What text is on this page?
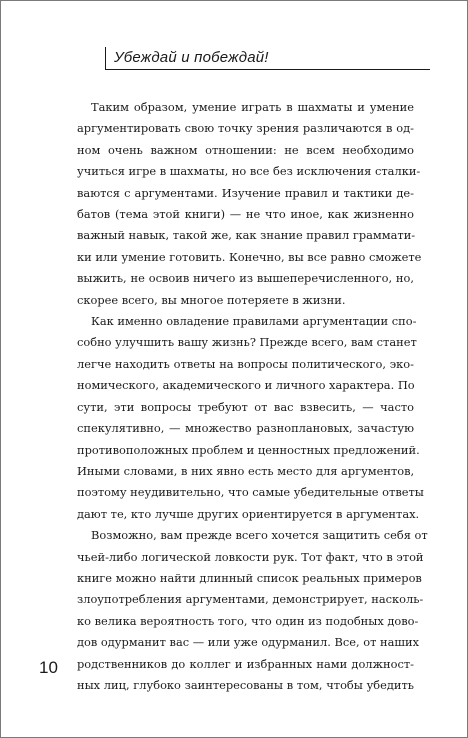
Убеждай и побеждай!

Таким образом, умение играть в шахматы и умение
аргументировать свою точку зрения различаются в од-
ном очень важном отношении: не всем необходимо
учиться игре в шахматы, но все без исключения сталки-
ваются с аргументами. Изучение правил и тактики де-
батов (тема этой книги) — не что иное, как жизненно
важный навык, такой же, как знание правил граммати-
ки или умение готовить. Конечно, вы все равно сможете
выжить, не освоив ничего из вышеперечисленного, но,
скорее всего, вы многое потеряете в жизни.

Как именно овладение правилами аргументации спо-
собно улучшить вашу жизнь? Прежде всего, вам станет
легче находить ответы на вопросы политического, эко-
номического, академического и личного характера. По
сути, эти вопросы требуют от вас взвесить, — часто
спекулятивно, — множество разноплановых, зачастую
противоположных проблем и ценностных предложений.
Иными словами, в них явно есть место для аргументов,
поэтому неудивительно, что самые убедительные ответы
дают те, кто лучше других ориентируется в аргументах.

Возможно, вам прежде всего хочется защитить себя от
чьей-либо логической ловкости рук. Тот факт, что в этой
книге можно найти длинный список реальных примеров
злоупотребления аргументами, демонстрирует, насколь-
ко велика вероятность того, что один из подобных дово-
дов одурманит вас — или уже одурманил. Все, от наших
родственников до коллег и избранных нами должност-
ных лиц, глубоко заинтересованы в том, чтобы убедить

10
